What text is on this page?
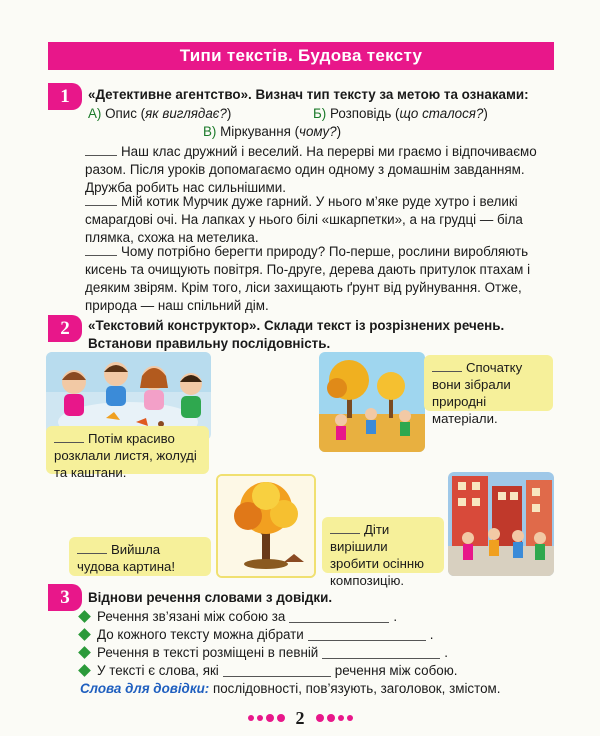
Типи текстів. Будова тексту
1	«Детективне агентство». Визнач тип тексту за метою та ознаками:
А) Опис (як виглядає?)	Б) Розповідь (що сталося?)
В) Міркування (чому?)
Наш клас дружний і веселий. На перерві ми граємо і відпочиваємо разом. Після уроків допомагаємо один одному з домашнім завданням. Дружба робить нас сильнішими.
Мій котик Мурчик дуже гарний. У нього м’яке руде хутро і великі смарагдові очі. На лапках у нього білі «шкарпетки», а на грудці — біла плямка, схожа на метелика.
Чому потрібно берегти природу? По-перше, рослини виробляють кисень та очищують повітря. По-друге, дерева дають притулок птахам і деяким звірям. Крім того, ліси захищають ґрунт від руйнування. Отже, природа — наш спільний дім.
2	«Текстовий конструктор». Склади текст із розрізнених речень. Встанови правильну послідовність.
Потім красиво розклали листя, жолуді та каштани.
Спочатку вони зібрали природні матеріали.
Вийшла чудова картина!
Діти вирішили зробити осінню композицію.
3	Віднови речення словами з довідки.
Речення зв’язані між собою за	.
До кожного тексту можна дібрати	.
Речення в тексті розміщені в певній	.
У тексті є слова, які	речення між собою.
Слова для довідки: послідовності, пов’язують, заголовок, змістом.
2
